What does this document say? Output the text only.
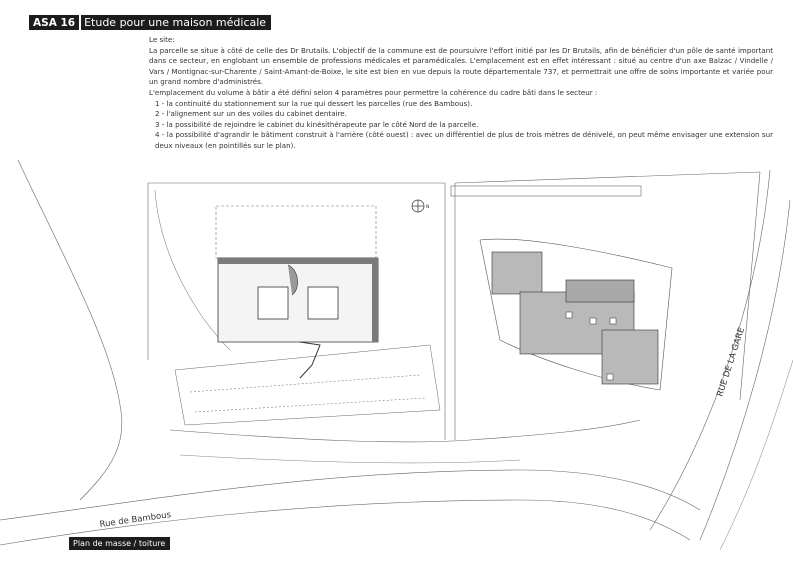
ASA 16 Etude pour une maison médicale

Le site:

La parcelle se situe à côté de celle des Dr Brutails. L'objectif de la commune est de poursuivre l'effort initié par les Dr Brutails, afin de bénéficier d'un pôle de santé important dans ce secteur, en englobant un ensemble de professions médicales et paramédicales. L'emplacement est en effet intéressant : situé au centre d'un axe Balzac / Vindelle / Vars / Montignac-sur-Charente / Saint-Amant-de-Boixe, le site est bien en vue depuis la route départementale 737, et permettrait une offre de soins importante et variée pour un grand nombre d'administrés.

L'emplacement du volume à bâtir a été défini selon 4 paramètres pour permettre la cohérence du cadre bâti dans le secteur :

1 - la continuité du stationnement sur la rue qui dessert les parcelles (rue des Bambous).

2 - l'alignement sur un des voiles du cabinet dentaire.

3 - la possibilité de rejoindre le cabinet du kinésithérapeute par le côté Nord de la parcelle.

4 - la possibilité d'agrandir le bâtiment construit à l'arrière (côté ouest) : avec un différentiel de plus de trois mètres de dénivelé, on peut même envisager une extension sur deux niveaux (en pointillés sur le plan).

N
Rue de Bambous
RUE DE LA GARE
Plan de masse / toiture
